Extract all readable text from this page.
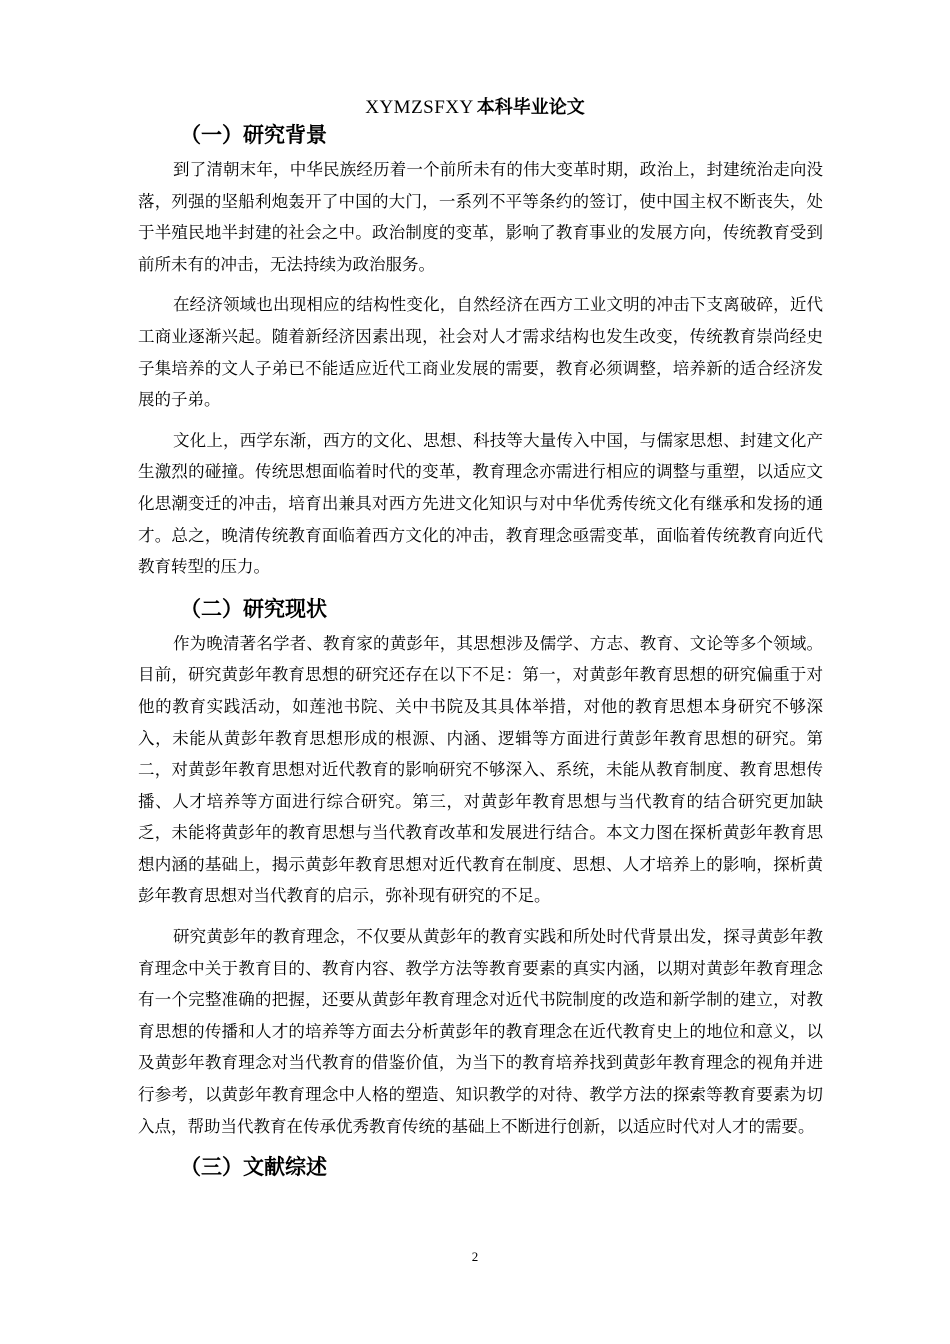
XYMZSFXY 本科毕业论文
（一）研究背景

到了清朝末年，中华民族经历着一个前所未有的伟大变革时期，政治上，封建统治走向没落，列强的坚船利炮轰开了中国的大门，一系列不平等条约的签订，使中国主权不断丧失，处于半殖民地半封建的社会之中。政治制度的变革，影响了教育事业的发展方向，传统教育受到前所未有的冲击，无法持续为政治服务。

在经济领域也出现相应的结构性变化，自然经济在西方工业文明的冲击下支离破碎，近代工商业逐渐兴起。随着新经济因素出现，社会对人才需求结构也发生改变，传统教育崇尚经史子集培养的文人子弟已不能适应近代工商业发展的需要，教育必须调整，培养新的适合经济发展的子弟。

文化上，西学东渐，西方的文化、思想、科技等大量传入中国，与儒家思想、封建文化产生激烈的碰撞。传统思想面临着时代的变革，教育理念亦需进行相应的调整与重塑，以适应文化思潮变迁的冲击，培育出兼具对西方先进文化知识与对中华优秀传统文化有继承和发扬的通才。总之，晚清传统教育面临着西方文化的冲击，教育理念亟需变革，面临着传统教育向近代教育转型的压力。

（二）研究现状

作为晚清著名学者、教育家的黄彭年，其思想涉及儒学、方志、教育、文论等多个领域。目前，研究黄彭年教育思想的研究还存在以下不足：第一，对黄彭年教育思想的研究偏重于对他的教育实践活动，如莲池书院、关中书院及其具体举措，对他的教育思想本身研究不够深入，未能从黄彭年教育思想形成的根源、内涵、逻辑等方面进行黄彭年教育思想的研究。第二，对黄彭年教育思想对近代教育的影响研究不够深入、系统，未能从教育制度、教育思想传播、人才培养等方面进行综合研究。第三，对黄彭年教育思想与当代教育的结合研究更加缺乏，未能将黄彭年的教育思想与当代教育改革和发展进行结合。本文力图在探析黄彭年教育思想内涵的基础上，揭示黄彭年教育思想对近代教育在制度、思想、人才培养上的影响，探析黄彭年教育思想对当代教育的启示，弥补现有研究的不足。

研究黄彭年的教育理念，不仅要从黄彭年的教育实践和所处时代背景出发，探寻黄彭年教育理念中关于教育目的、教育内容、教学方法等教育要素的真实内涵，以期对黄彭年教育理念有一个完整准确的把握，还要从黄彭年教育理念对近代书院制度的改造和新学制的建立，对教育思想的传播和人才的培养等方面去分析黄彭年的教育理念在近代教育史上的地位和意义，以及黄彭年教育理念对当代教育的借鉴价值，为当下的教育培养找到黄彭年教育理念的视角并进行参考，以黄彭年教育理念中人格的塑造、知识教学的对待、教学方法的探索等教育要素为切入点，帮助当代教育在传承优秀教育传统的基础上不断进行创新，以适应时代对人才的需要。

（三）文献综述
2
